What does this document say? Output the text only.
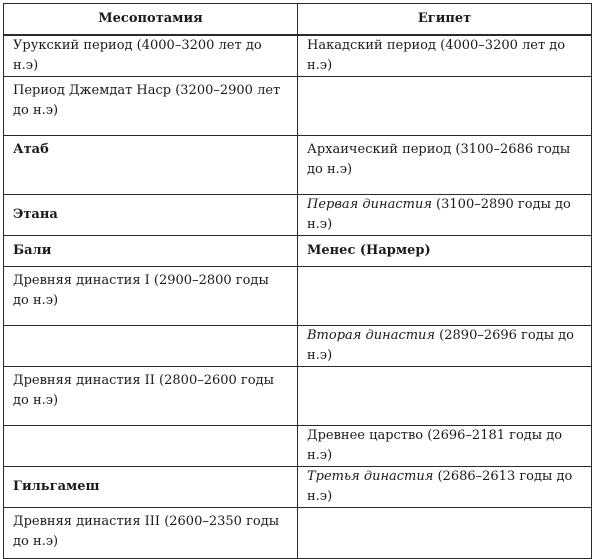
Месопотамия	Египет
Урукский период (4000–3200 лет до н.э)	Накадский период (4000–3200 лет до н.э)
Период Джемдат Наср (3200–2900 лет до н.э)	
Атаб	Архаический период (3100–2686 годы до н.э)
Этана	Первая династия (3100–2890 годы до н.э)
Бали	Менес (Нармер)
Древняя династия I (2900–2800 годы до н.э)	
	Вторая династия (2890–2696 годы до н.э)
Древняя династия II (2800–2600 годы до н.э)	
	Древнее царство (2696–2181 годы до н.э)
Гильгамеш	Третья династия (2686–2613 годы до н.э)
Древняя династия III (2600–2350 годы до н.э)	
